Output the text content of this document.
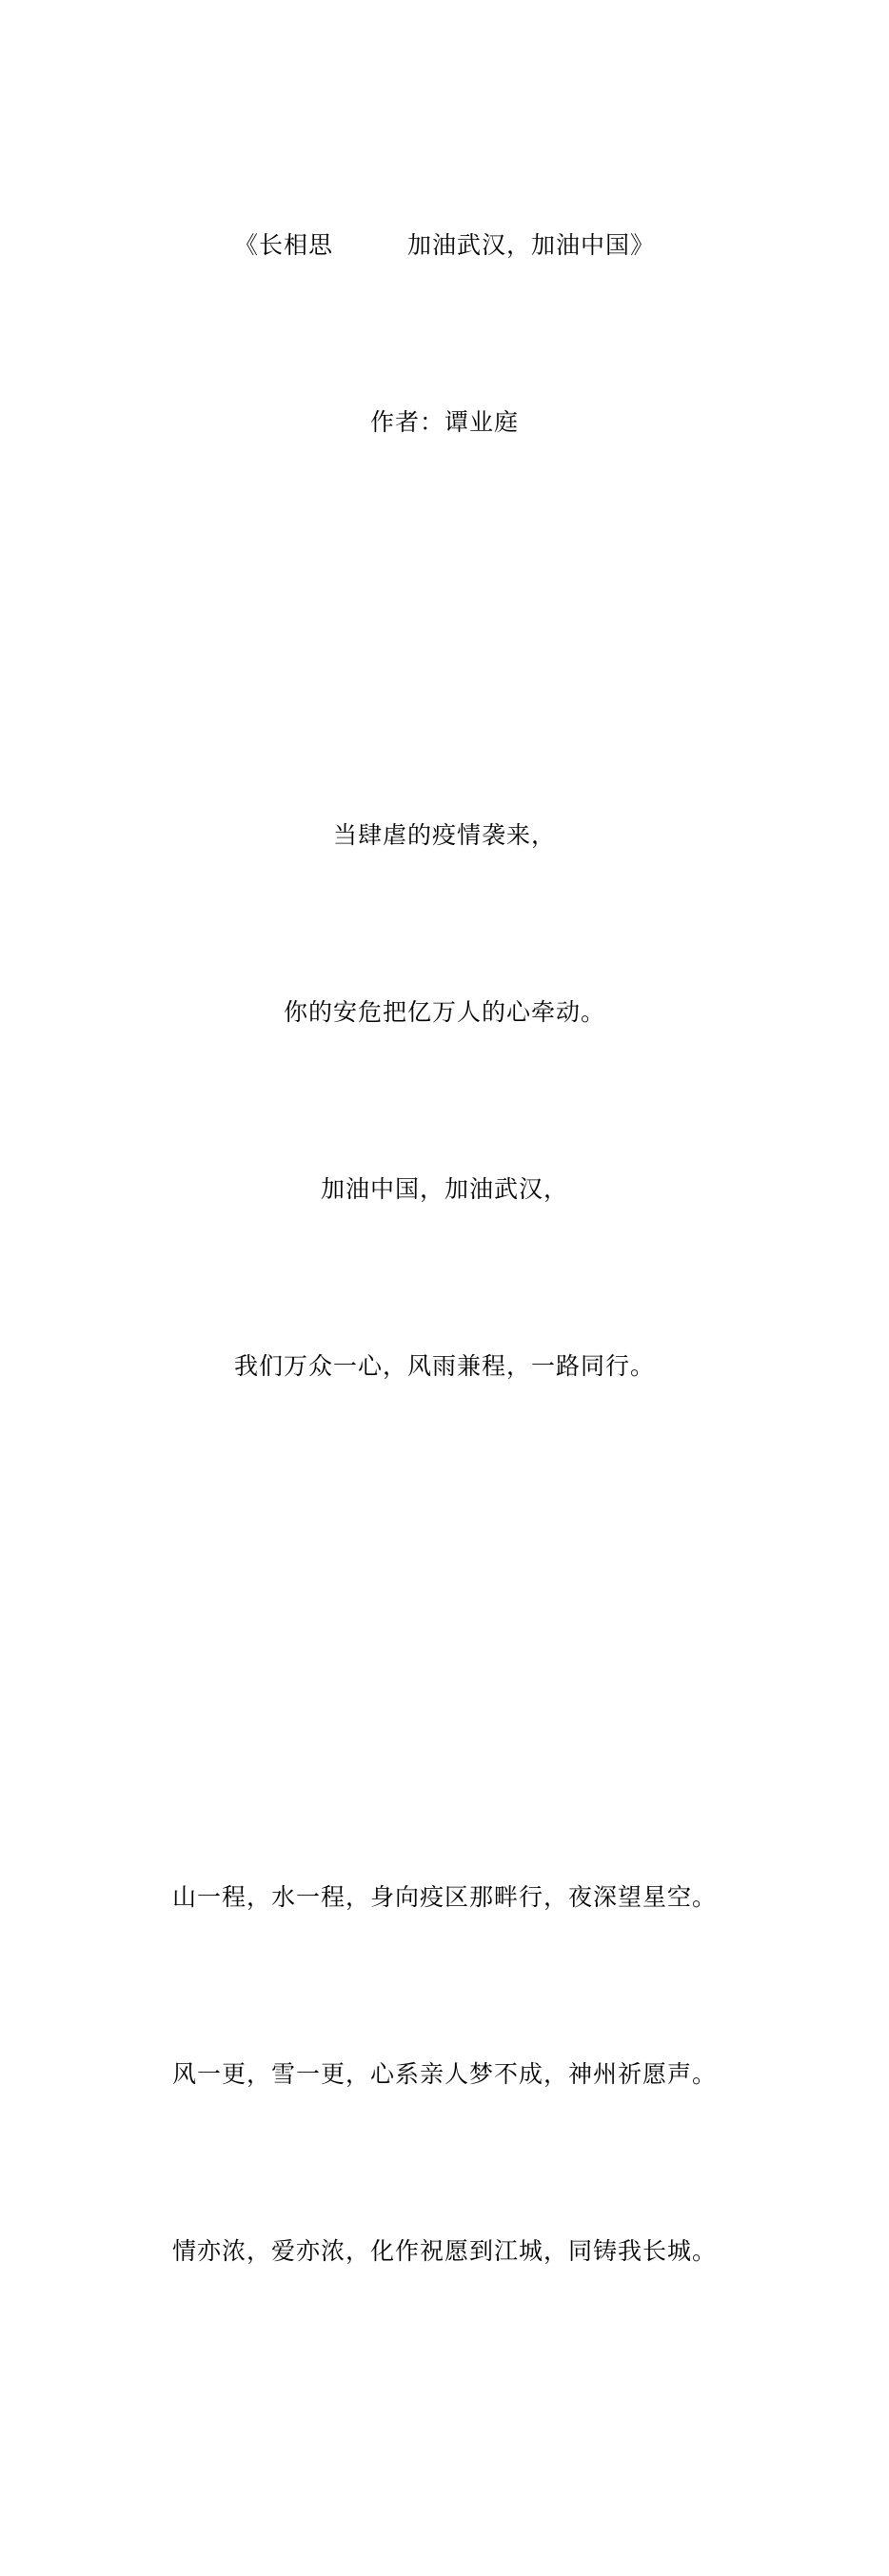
《长相思　　　加油武汉，加油中国》

作者：谭业庭

当肆虐的疫情袭来，

你的安危把亿万人的心牵动。

加油中国，加油武汉，

我们万众一心，风雨兼程，一路同行。

山一程，水一程，身向疫区那畔行，夜深望星空。

风一更，雪一更，心系亲人梦不成，神州祈愿声。

情亦浓，爱亦浓，化作祝愿到江城，同铸我长城。
